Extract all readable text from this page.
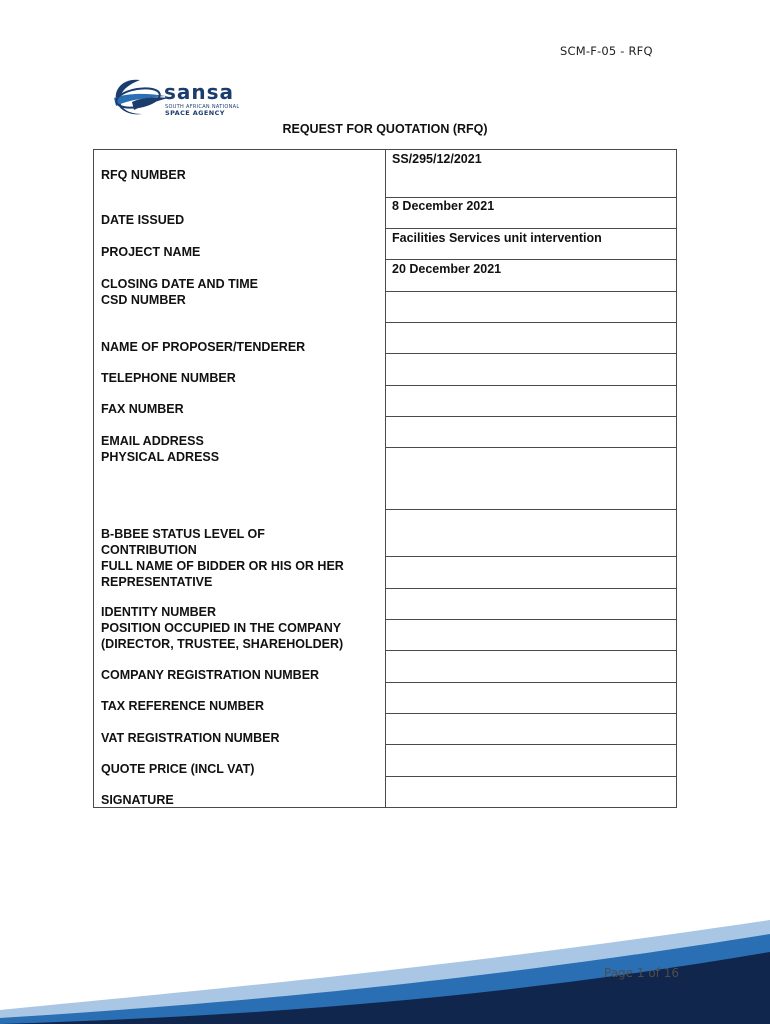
SCM-F-05 - RFQ
sansa
SOUTH AFRICAN NATIONAL
SPACE AGENCY
REQUEST FOR QUOTATION (RFQ)
RFQ NUMBER
DATE ISSUED
PROJECT NAME
CLOSING DATE AND TIME
CSD NUMBER
NAME OF PROPOSER/TENDERER
TELEPHONE NUMBER
FAX NUMBER
EMAIL ADDRESS
PHYSICAL ADRESS
B-BBEE STATUS LEVEL OF
CONTRIBUTION
FULL NAME OF BIDDER OR HIS OR HER
REPRESENTATIVE
IDENTITY NUMBER
POSITION OCCUPIED IN THE COMPANY
(DIRECTOR, TRUSTEE, SHAREHOLDER)
COMPANY REGISTRATION NUMBER
TAX REFERENCE NUMBER
VAT REGISTRATION NUMBER
QUOTE PRICE (INCL VAT)
SIGNATURE
SS/295/12/2021
8 December 2021
Facilities Services unit intervention
20 December 2021
Page 1 of 16
